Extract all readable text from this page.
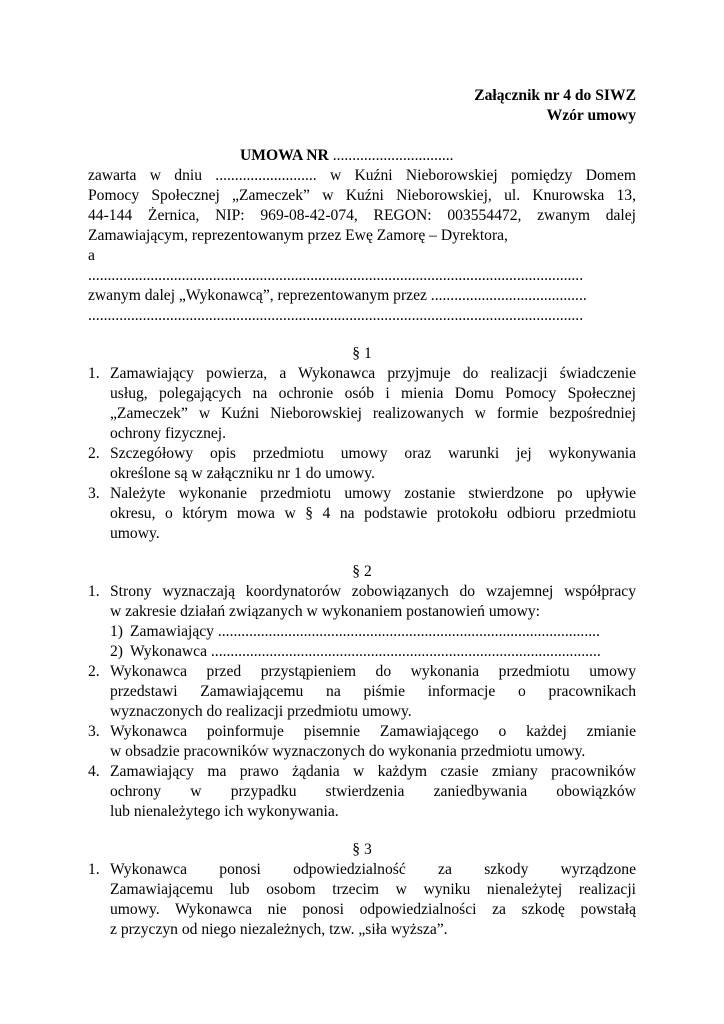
Załącznik nr 4 do SIWZ
Wzór umowy
UMOWA NR ...............................
zawarta w dniu .......................... w Kuźni Nieborowskiej pomiędzy Domem
Pomocy Społecznej „Zameczek” w Kuźni Nieborowskiej, ul. Knurowska 13,
44-144 Żernica, NIP: 969-08-42-074, REGON: 003554472, zwanym dalej
Zamawiającym, reprezentowanym przez Ewę Zamorę – Dyrektora,
a
...............................................................................................................................
zwanym dalej „Wykonawcą”, reprezentowanym przez ........................................
...............................................................................................................................
§ 1
1. Zamawiający powierza, a Wykonawca przyjmuje do realizacji świadczenie
usług, polegających na ochronie osób i mienia Domu Pomocy Społecznej
„Zameczek” w Kuźni Nieborowskiej realizowanych w formie bezpośredniej
ochrony fizycznej.
2. Szczegółowy opis przedmiotu umowy oraz warunki jej wykonywania
określone są w załączniku nr 1 do umowy.
3. Należyte wykonanie przedmiotu umowy zostanie stwierdzone po upływie
okresu, o którym mowa w § 4 na podstawie protokołu odbioru przedmiotu
umowy.
§ 2
1. Strony wyznaczają koordynatorów zobowiązanych do wzajemnej współpracy
w zakresie działań związanych w wykonaniem postanowień umowy:
1) Zamawiający ..................................................................................................
2) Wykonawca ....................................................................................................
2. Wykonawca przed przystąpieniem do wykonania przedmiotu umowy
przedstawi Zamawiającemu na piśmie informacje o pracownikach
wyznaczonych do realizacji przedmiotu umowy.
3. Wykonawca poinformuje pisemnie Zamawiającego o każdej zmianie
w obsadzie pracowników wyznaczonych do wykonania przedmiotu umowy.
4. Zamawiający ma prawo żądania w każdym czasie zmiany pracowników
ochrony w przypadku stwierdzenia zaniedbywania obowiązków
lub nienależytego ich wykonywania.
§ 3
1. Wykonawca ponosi odpowiedzialność za szkody wyrządzone
Zamawiającemu lub osobom trzecim w wyniku nienależytej realizacji
umowy. Wykonawca nie ponosi odpowiedzialności za szkodę powstałą
z przyczyn od niego niezależnych, tzw. „siła wyższa”.
